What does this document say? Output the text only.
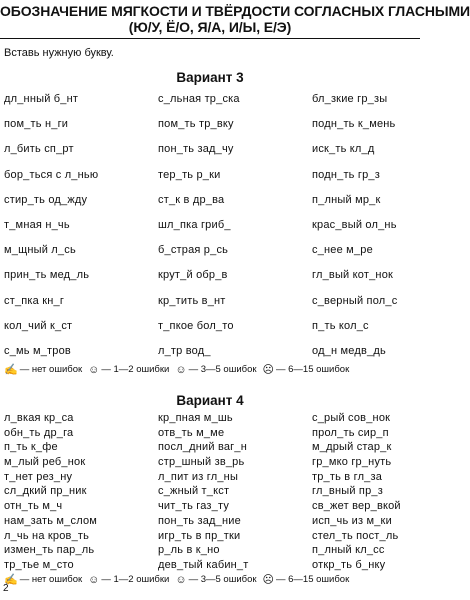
ОБОЗНАЧЕНИЕ МЯГКОСТИ И ТВЁРДОСТИ СОГЛАСНЫХ ГЛАСНЫМИ
(Ю/У, Ё/О, Я/А, И/Ы, Е/Э)
Вставь нужную букву.
Вариант 3
дл_нный б_нт	с_льная тр_ска	бл_зкие гр_зы
пом_ть н_ги	пом_ть тр_вку	подн_ть к_мень
л_бить сп_рт	пон_ть зад_чу	иск_ть кл_д
бор_ться с л_нью	тер_ть р_ки	подн_ть гр_з
стир_ть од_жду	ст_к в др_ва	п_лный мр_к
т_мная н_чь	шл_пка гриб_	крас_вый ол_нь
м_щный л_сь	б_страя р_сь	с_нее м_ре
прин_ть мед_ль	крут_й обр_в	гл_вый кот_нок
ст_пка кн_г	кр_тить в_нт	с_верный пол_с
кол_чий к_ст	т_пкое бол_то	п_ть кол_с
с_мь м_тров	л_тр вод_	од_н медв_дь
✍ — нет ошибок ☺ — 1—2 ошибки ☺ — 3—5 ошибок ☹ — 6—15 ошибок
Вариант 4
л_вкая кр_са	кр_пная м_шь	с_рый сов_нок
обн_ть др_га	отв_ть м_ме	прол_ть сир_п
п_ть к_фе	посл_дний ваг_н	м_дрый стар_к
м_лый реб_нок	стр_шный зв_рь	гр_мко гр_нуть
т_нет рез_ну	л_пит из гл_ны	тр_ть в гл_за
сл_дкий пр_ник	с_жный т_кст	гл_вный пр_з
отн_ть м_ч	чит_ть газ_ту	св_жет вер_вкой
нам_зать м_слом	пон_ть зад_ние	исп_чь из м_ки
л_чь на кров_ть	игр_ть в пр_тки	стел_ть пост_ль
измен_ть пар_ль	р_ль в к_но	п_лный кл_сс
тр_тье м_сто	дев_тый кабин_т	откр_ть б_нку
✍ — нет ошибок ☺ — 1—2 ошибки ☺ — 3—5 ошибок ☹ — 6—15 ошибок
2
